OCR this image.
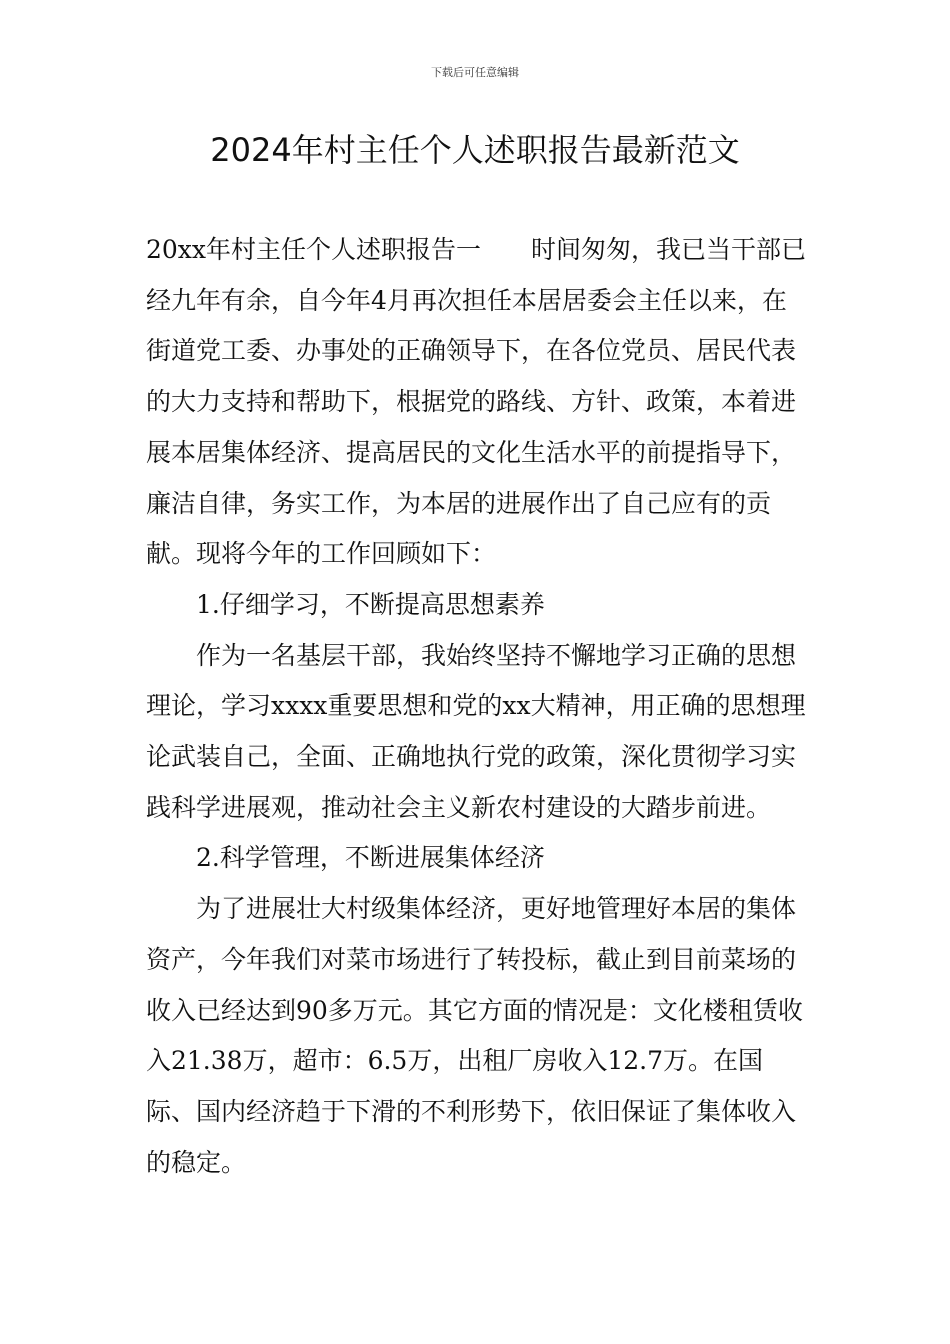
下载后可任意编辑
2024年村主任个人述职报告最新范文

20xx年村主任个人述职报告一　　时间匆匆，我已当干部已经九年有余，自今年4月再次担任本居居委会主任以来，在街道党工委、办事处的正确领导下，在各位党员、居民代表的大力支持和帮助下，根据党的路线、方针、政策，本着进展本居集体经济、提高居民的文化生活水平的前提指导下，廉洁自律，务实工作，为本居的进展作出了自己应有的贡献。现将今年的工作回顾如下：

1.仔细学习，不断提高思想素养

作为一名基层干部，我始终坚持不懈地学习正确的思想理论，学习xxxx重要思想和党的xx大精神，用正确的思想理论武装自己，全面、正确地执行党的政策，深化贯彻学习实践科学进展观，推动社会主义新农村建设的大踏步前进。

2.科学管理，不断进展集体经济

为了进展壮大村级集体经济，更好地管理好本居的集体资产，今年我们对菜市场进行了转投标，截止到目前菜场的收入已经达到90多万元。其它方面的情况是：文化楼租赁收入21.38万，超市：6.5万，出租厂房收入12.7万。在国际、国内经济趋于下滑的不利形势下，依旧保证了集体收入的稳定。
